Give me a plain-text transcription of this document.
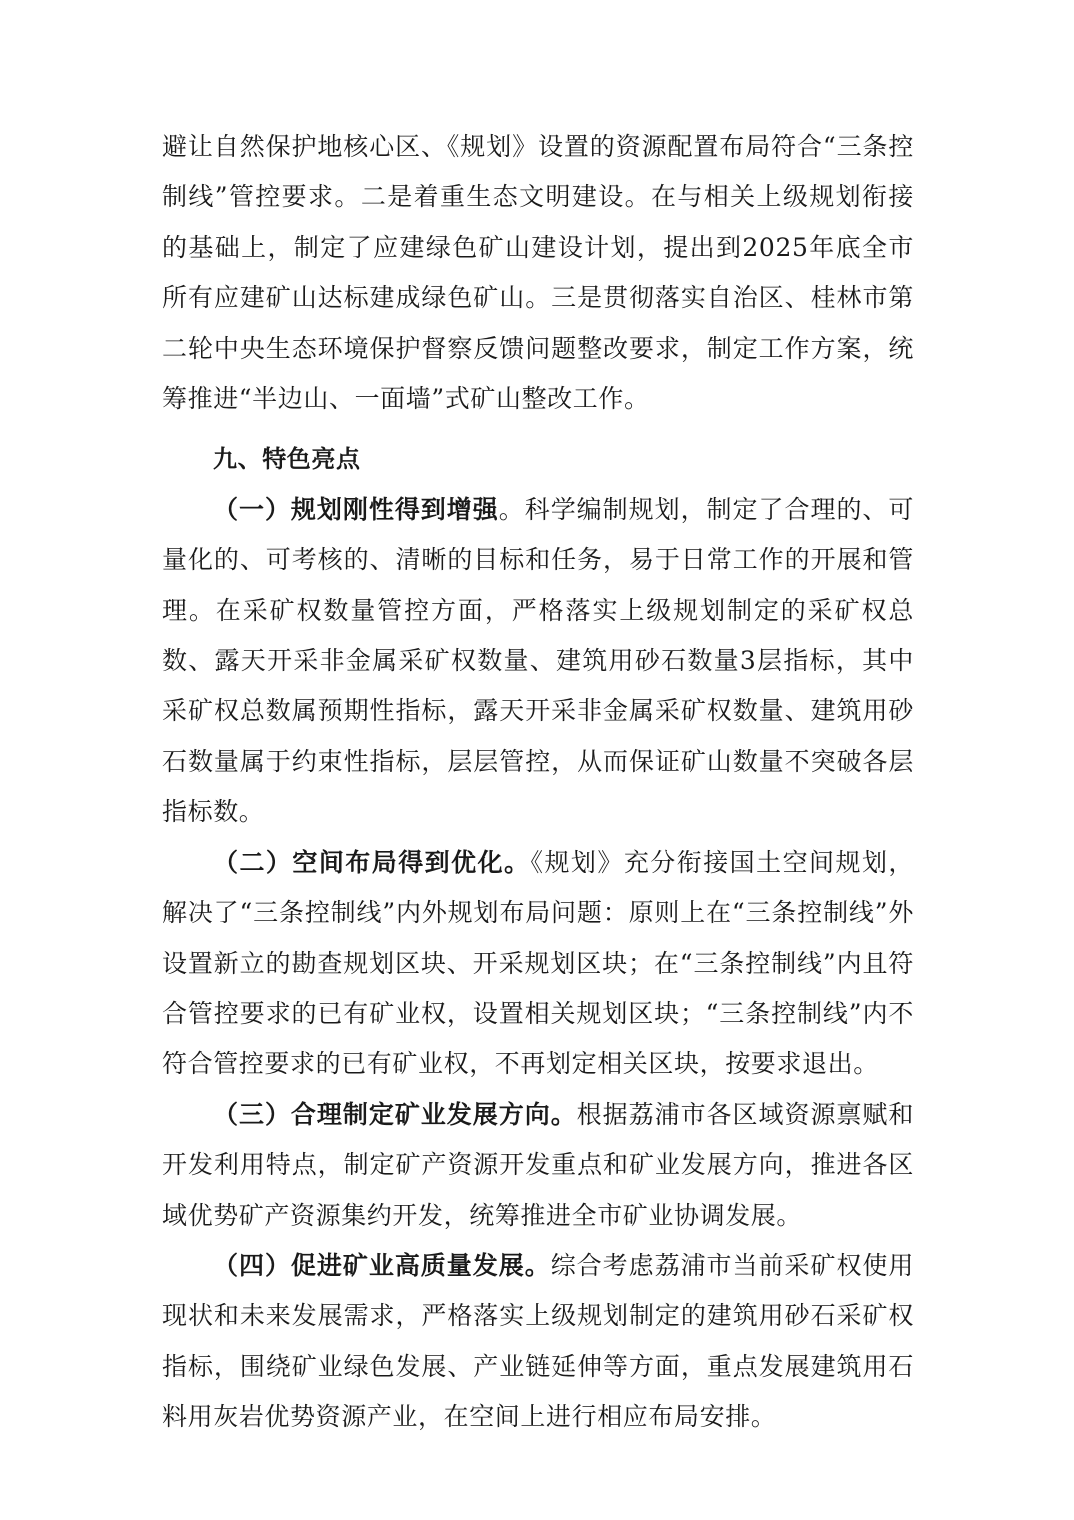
避让自然保护地核心区、《规划》设置的资源配置布局符合“三条控制线”管控要求。二是着重生态文明建设。在与相关上级规划衔接的基础上，制定了应建绿色矿山建设计划，提出到2025年底全市所有应建矿山达标建成绿色矿山。三是贯彻落实自治区、桂林市第二轮中央生态环境保护督察反馈问题整改要求，制定工作方案，统筹推进“半边山、一面墙”式矿山整改工作。

九、特色亮点

（一）规划刚性得到增强。科学编制规划，制定了合理的、可量化的、可考核的、清晰的目标和任务，易于日常工作的开展和管理。在采矿权数量管控方面，严格落实上级规划制定的采矿权总数、露天开采非金属采矿权数量、建筑用砂石数量3层指标，其中采矿权总数属预期性指标，露天开采非金属采矿权数量、建筑用砂石数量属于约束性指标，层层管控，从而保证矿山数量不突破各层指标数。

（二）空间布局得到优化。《规划》充分衔接国土空间规划，解决了“三条控制线”内外规划布局问题：原则上在“三条控制线”外设置新立的勘查规划区块、开采规划区块；在“三条控制线”内且符合管控要求的已有矿业权，设置相关规划区块；“三条控制线”内不符合管控要求的已有矿业权，不再划定相关区块，按要求退出。

（三）合理制定矿业发展方向。根据荔浦市各区域资源禀赋和开发利用特点，制定矿产资源开发重点和矿业发展方向，推进各区域优势矿产资源集约开发，统筹推进全市矿业协调发展。

（四）促进矿业高质量发展。综合考虑荔浦市当前采矿权使用现状和未来发展需求，严格落实上级规划制定的建筑用砂石采矿权指标，围绕矿业绿色发展、产业链延伸等方面，重点发展建筑用石料用灰岩优势资源产业，在空间上进行相应布局安排。
